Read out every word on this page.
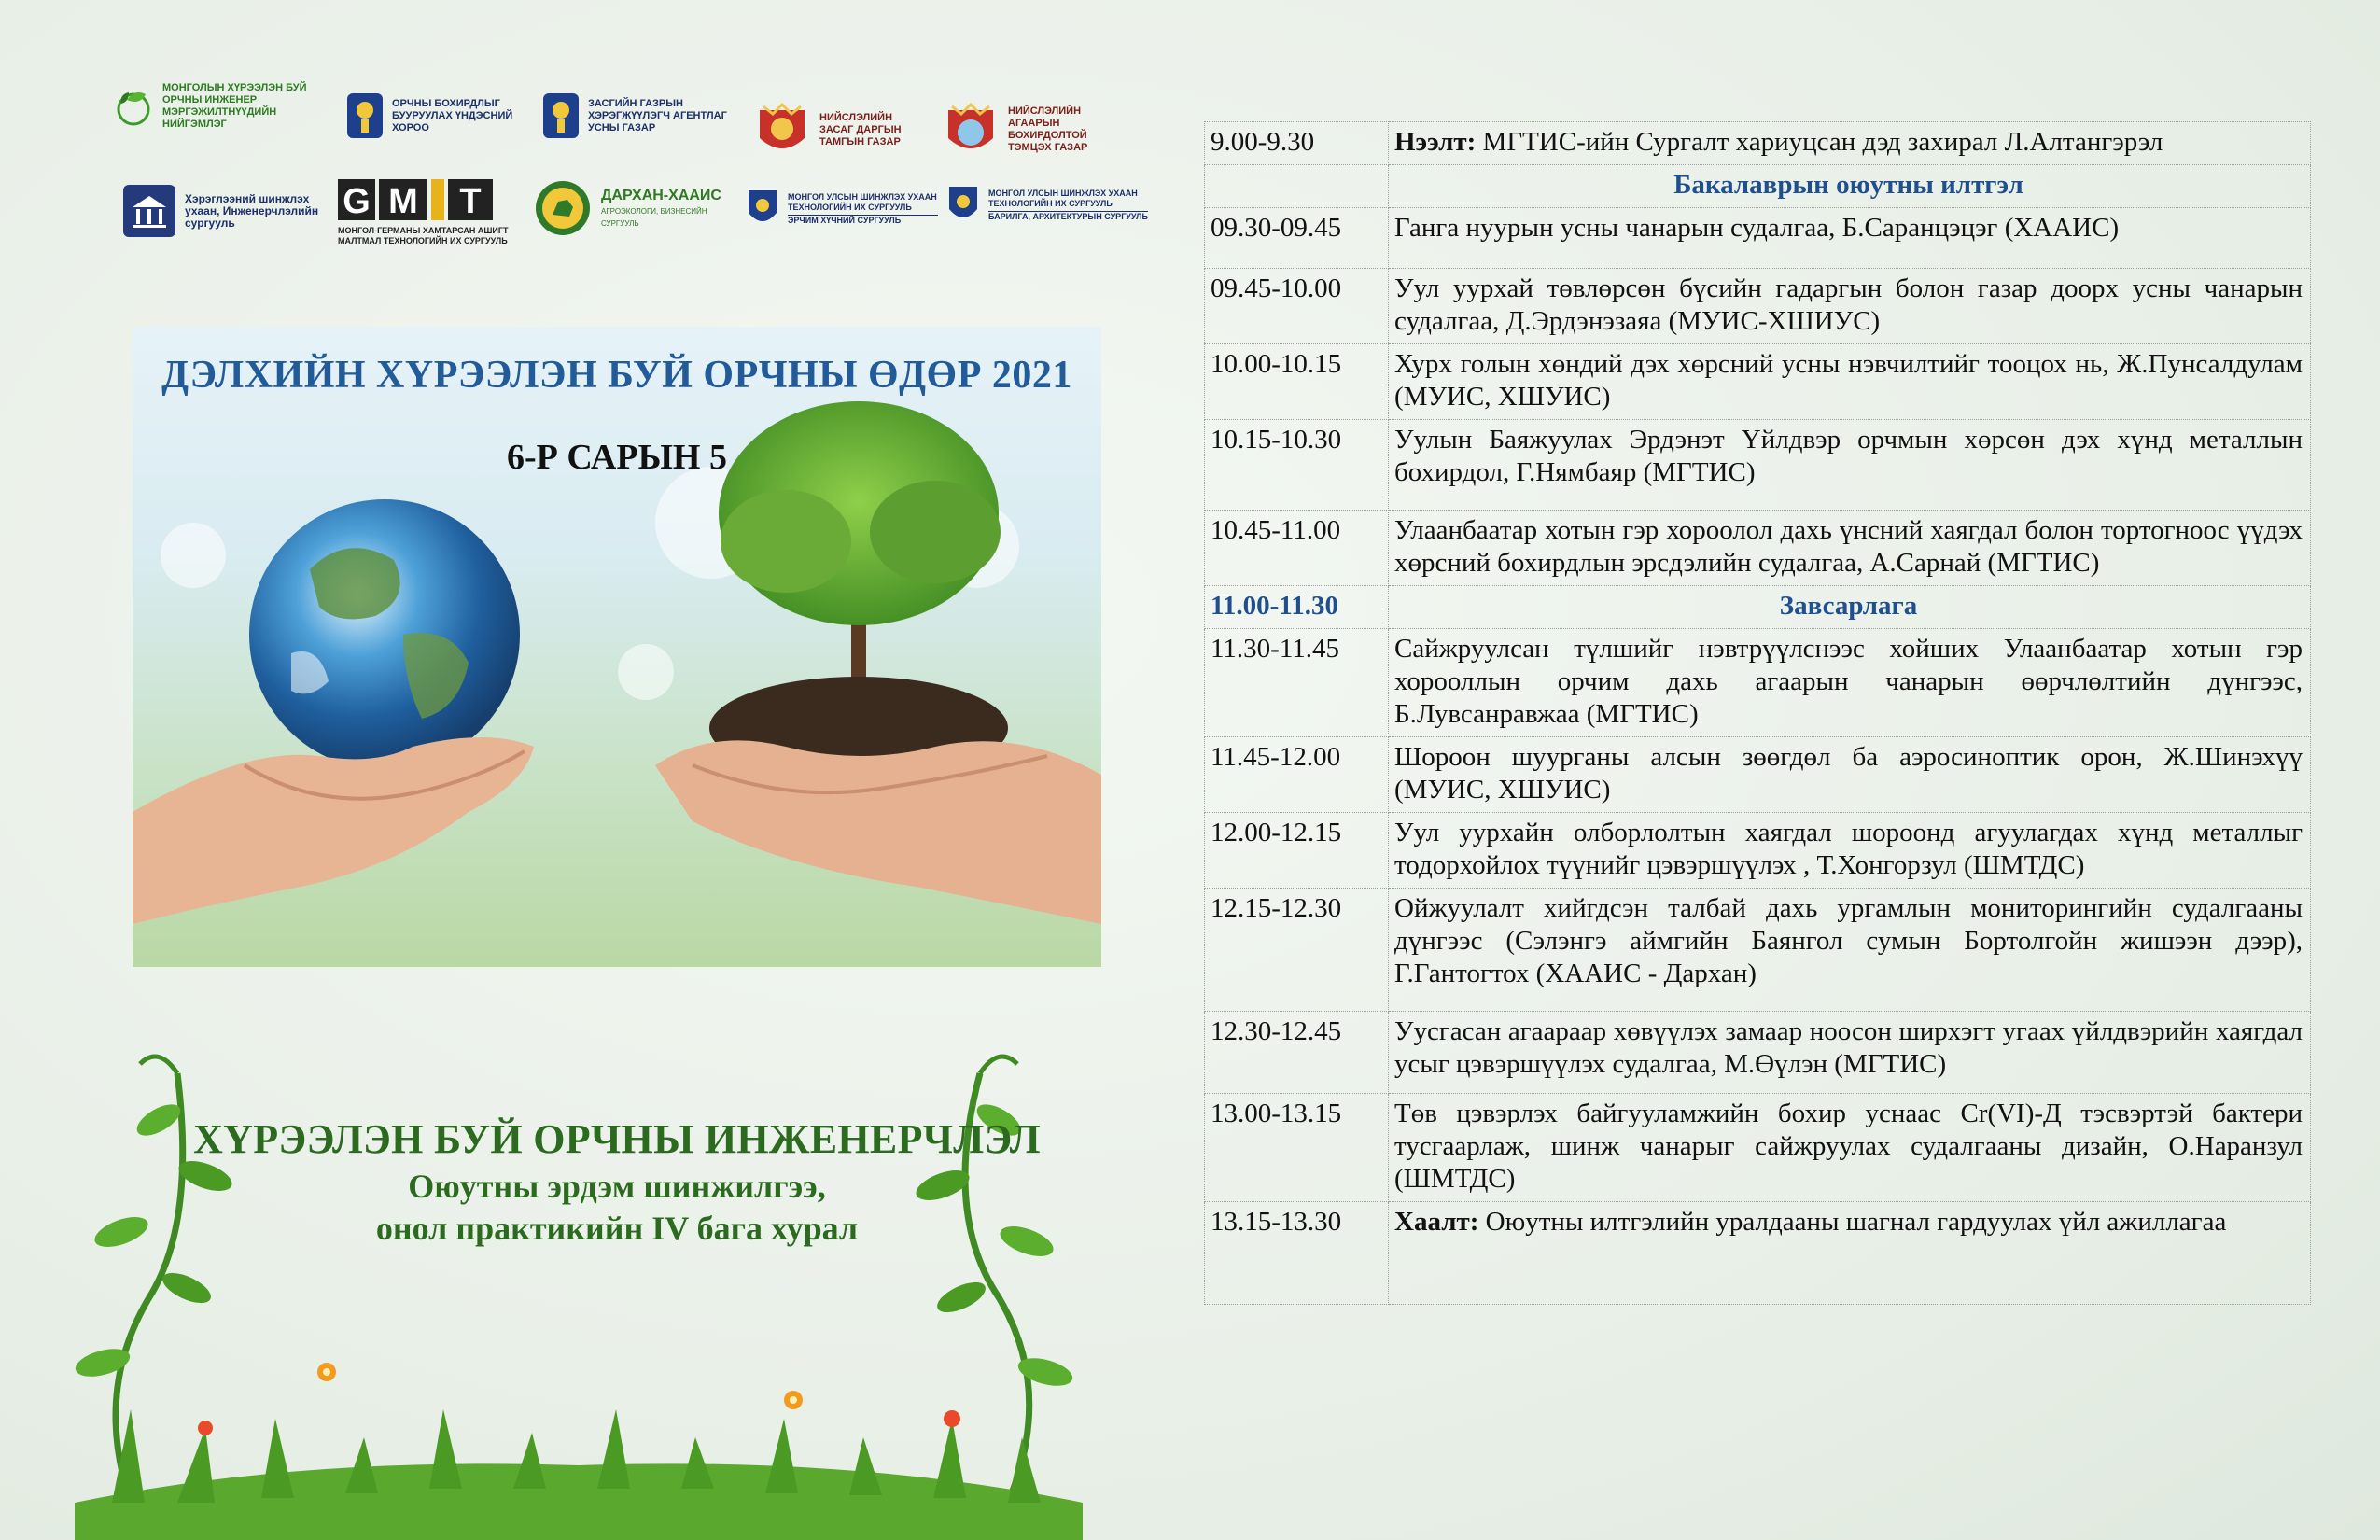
МОНГОЛЫН ХҮРЭЭЛЭН БУЙ ОРЧНЫ ИНЖЕНЕР МЭРГЭЖИЛТНҮҮДИЙН НИЙГЭМЛЭГ
ОРЧНЫ БОХИРДЛЫГ БУУРУУЛАХ ҮНДЭСНИЙ ХОРОО
ЗАСГИЙН ГАЗРЫН ХЭРЭГЖҮҮЛЭГЧ АГЕНТЛАГ УСНЫ ГАЗАР
НИЙСЛЭЛИЙН ЗАСАГ ДАРГЫН ТАМГЫН ГАЗАР
НИЙСЛЭЛИЙН АГААРЫН БОХИРДОЛТОЙ ТЭМЦЭХ ГАЗАР
Хэрэглээний шинжлэх ухаан, Инженерчлэлийн сургууль
G M T
МОНГОЛ-ГЕРМАНЫ ХАМТАРСАН АШИГТ МАЛТМАЛ ТЕХНОЛОГИЙН ИХ СУРГУУЛЬ
ДАРХАН-ХААИС
АГРОЭКОЛОГИ, БИЗНЕСИЙН СУРГУУЛЬ
МОНГОЛ УЛСЫН ШИНЖЛЭХ УХААН ТЕХНОЛОГИЙН ИХ СУРГУУЛЬ
ЭРЧИМ ХҮЧНИЙ СУРГУУЛЬ
МОНГОЛ УЛСЫН ШИНЖЛЭХ УХААН ТЕХНОЛОГИЙН ИХ СУРГУУЛЬ
БАРИЛГА, АРХИТЕКТУРЫН СУРГУУЛЬ
ДЭЛХИЙН ХҮРЭЭЛЭН БУЙ ОРЧНЫ ӨДӨР 2021
6-Р САРЫН 5
ХҮРЭЭЛЭН БУЙ ОРЧНЫ ИНЖЕНЕРЧЛЭЛ
Оюутны эрдэм шинжилгээ,
онол практикийн IV бага хурал
9.00-9.30	Нээлт: МГТИС-ийн Сургалт хариуцсан дэд захирал Л.Алтангэрэл
	Бакалаврын оюутны илтгэл
09.30-09.45	Ганга нуурын усны чанарын судалгаа, Б.Саранцэцэг (ХААИС)
09.45-10.00	Уул уурхай төвлөрсөн бүсийн гадаргын болон газар доорх усны чанарын судалгаа, Д.Эрдэнэзаяа (МУИС-ХШИУС)
10.00-10.15	Хурх голын хөндий дэх хөрсний усны нэвчилтийг тооцох нь, Ж.Пунсалдулам (МУИС, ХШУИС)
10.15-10.30	Уулын Баяжуулах Эрдэнэт Үйлдвэр орчмын хөрсөн дэх хүнд металлын бохирдол, Г.Нямбаяр (МГТИС)
10.45-11.00	Улаанбаатар хотын гэр хороолол дахь үнсний хаягдал болон тортогноос үүдэх хөрсний бохирдлын эрсдэлийн судалгаа, А.Сарнай (МГТИС)
11.00-11.30	Завсарлага
11.30-11.45	Сайжруулсан түлшийг нэвтрүүлснээс хойших Улаанбаатар хотын гэр хорооллын орчим дахь агаарын чанарын өөрчлөлтийн дүнгээс, Б.Лувсанравжаа (МГТИС)
11.45-12.00	Шороон шуурганы алсын зөөгдөл ба аэросиноптик орон, Ж.Шинэхүү (МУИС, ХШУИС)
12.00-12.15	Уул уурхайн олборлолтын хаягдал шороонд агуулагдах хүнд металлыг тодорхойлох түүнийг цэвэршүүлэх , Т.Хонгорзул (ШМТДС)
12.15-12.30	Ойжуулалт хийгдсэн талбай дахь ургамлын мониторингийн судалгааны дүнгээс (Сэлэнгэ аймгийн Баянгол сумын Бортолгойн жишээн дээр), Г.Гантогтох (ХААИС - Дархан)
12.30-12.45	Уусгасан агаараар хөвүүлэх замаар ноосон ширхэгт угаах үйлдвэрийн хаягдал усыг цэвэршүүлэх судалгаа, М.Өүлэн (МГТИС)
13.00-13.15	Төв цэвэрлэх байгууламжийн бохир уснаас Cr(VI)-Д тэсвэртэй бактери тусгаарлаж, шинж чанарыг сайжруулах судалгааны дизайн, О.Наранзул (ШМТДС)
13.15-13.30	Хаалт: Оюутны илтгэлийн уралдааны шагнал гардуулах үйл ажиллагаа
